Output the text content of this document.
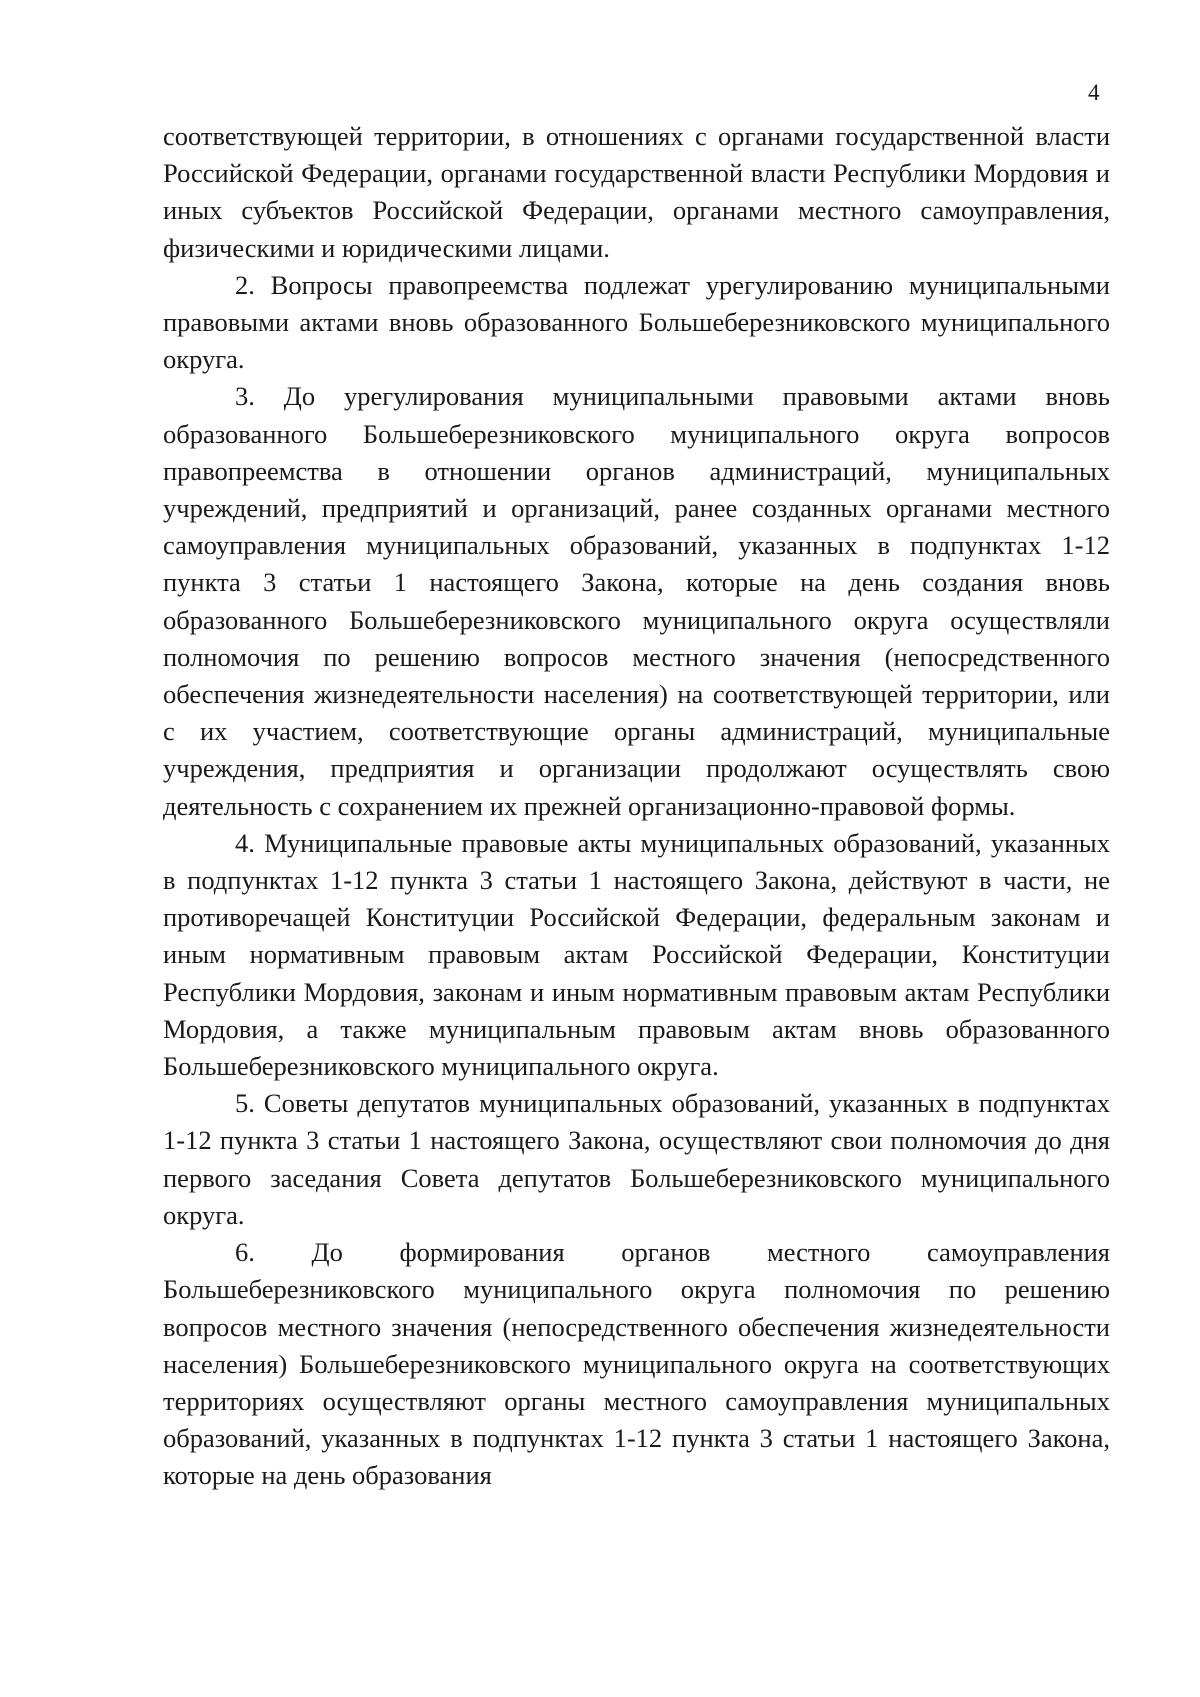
4

соответствующей территории, в отношениях с органами государственной власти Российской Федерации, органами государственной власти Республики Мордовия и иных субъектов Российской Федерации, органами местного самоуправления, физическими и юридическими лицами.

2. Вопросы правопреемства подлежат урегулированию муниципальными правовыми актами вновь образованного Большеберезниковского муниципального округа.

3. До урегулирования муниципальными правовыми актами вновь образованного Большеберезниковского муниципального округа вопросов правопреемства в отношении органов администраций, муниципальных учреждений, предприятий и организаций, ранее созданных органами местного самоуправления муниципальных образований, указанных в подпунктах 1-12 пункта 3 статьи 1 настоящего Закона, которые на день создания вновь образованного Большеберезниковского муниципального округа осуществляли полномочия по решению вопросов местного значения (непосредственного обеспечения жизнедеятельности населения) на соответствующей территории, или с их участием, соответствующие органы администраций, муниципальные учреждения, предприятия и организации продолжают осуществлять свою деятельность с сохранением их прежней организационно-правовой формы.

4. Муниципальные правовые акты муниципальных образований, указанных в подпунктах 1-12 пункта 3 статьи 1 настоящего Закона, действуют в части, не противоречащей Конституции Российской Федерации, федеральным законам и иным нормативным правовым актам Российской Федерации, Конституции Республики Мордовия, законам и иным нормативным правовым актам Республики Мордовия, а также муниципальным правовым актам вновь образованного Большеберезниковского муниципального округа.

5. Советы депутатов муниципальных образований, указанных в подпунктах 1-12 пункта 3 статьи 1 настоящего Закона, осуществляют свои полномочия до дня первого заседания Совета депутатов Большеберезниковского муниципального округа.

6. До формирования органов местного самоуправления Большеберезниковского муниципального округа полномочия по решению вопросов местного значения (непосредственного обеспечения жизнедеятельности населения) Большеберезниковского муниципального округа на соответствующих территориях осуществляют органы местного самоуправления муниципальных образований, указанных в подпунктах 1-12 пункта 3 статьи 1 настоящего Закона, которые на день образования
